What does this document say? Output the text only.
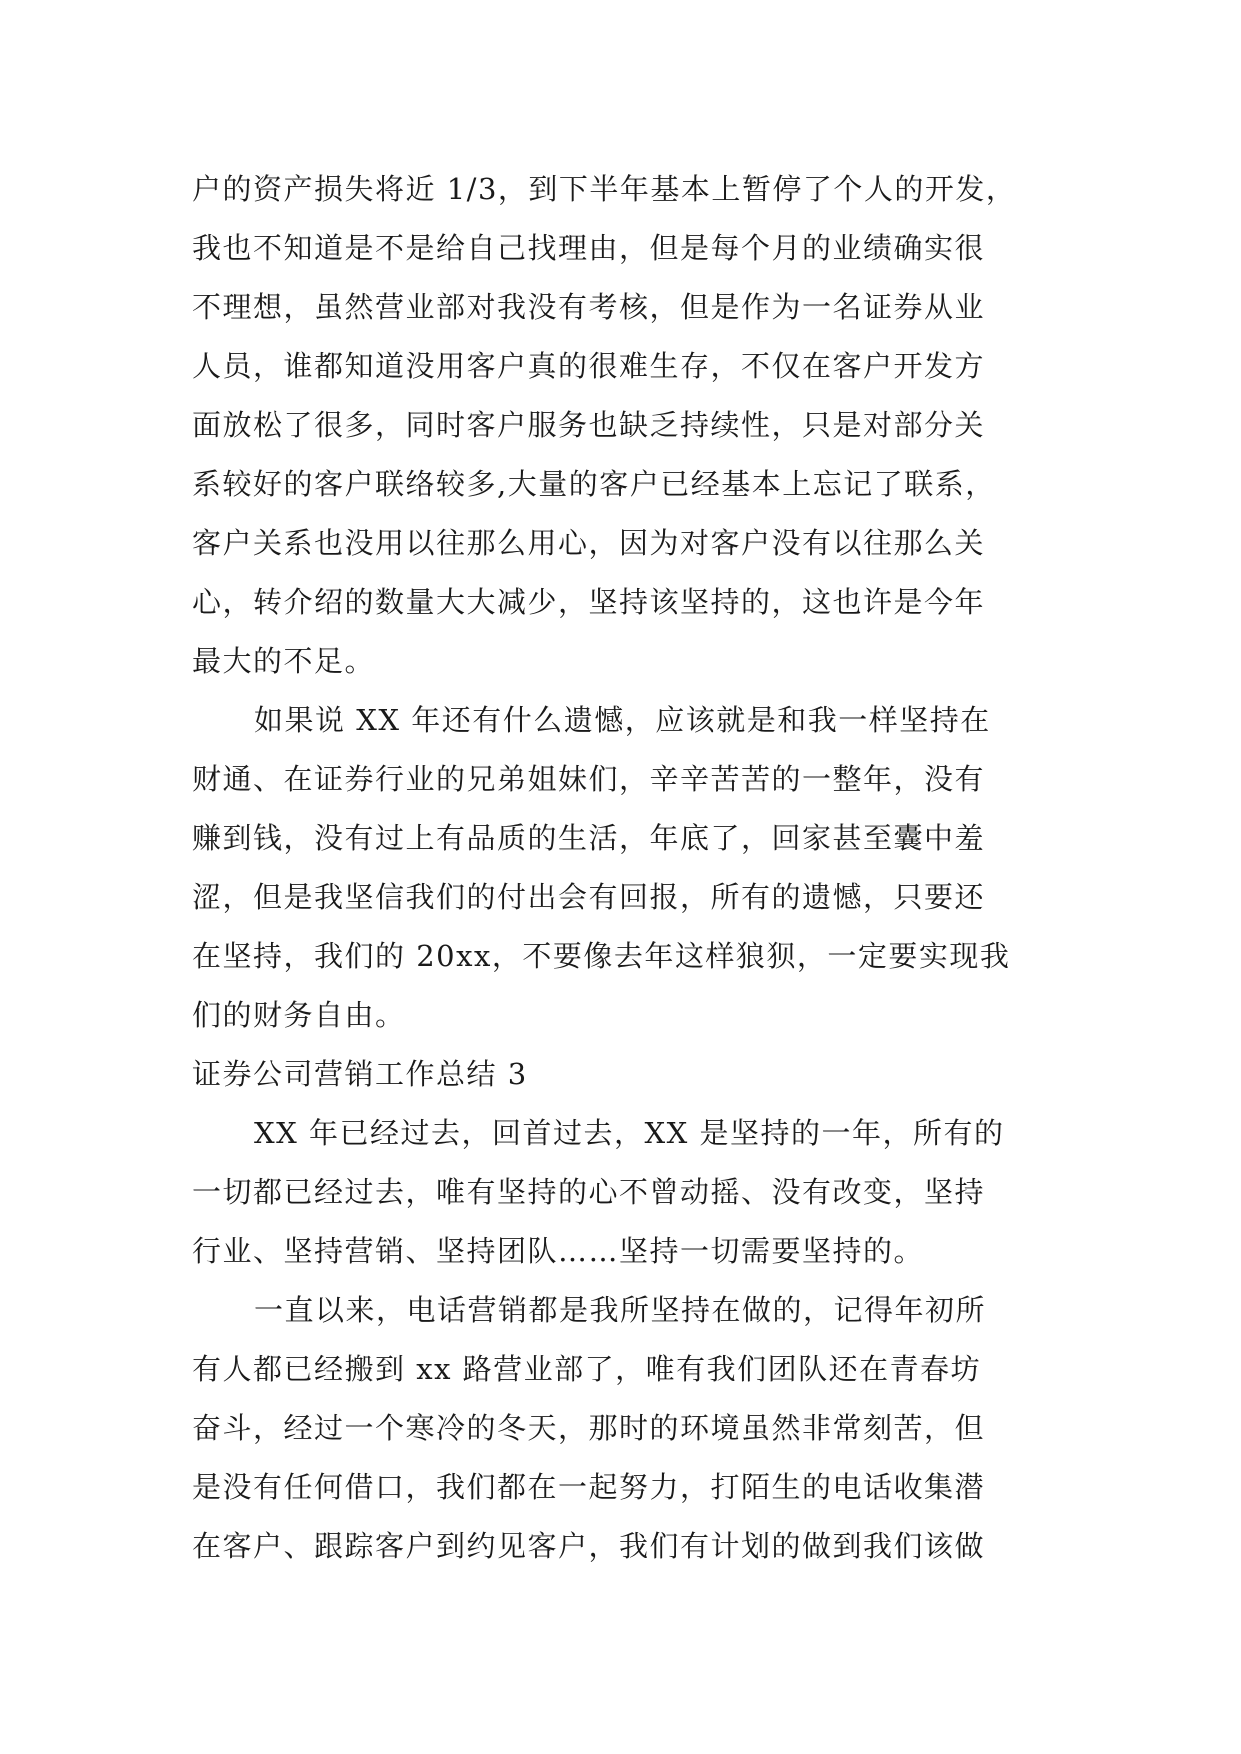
户的资产损失将近 1/3，到下半年基本上暂停了个人的开发，
我也不知道是不是给自己找理由，但是每个月的业绩确实很
不理想，虽然营业部对我没有考核，但是作为一名证券从业
人员，谁都知道没用客户真的很难生存，不仅在客户开发方
面放松了很多，同时客户服务也缺乏持续性，只是对部分关
系较好的客户联络较多,大量的客户已经基本上忘记了联系，
客户关系也没用以往那么用心，因为对客户没有以往那么关
心，转介绍的数量大大减少，坚持该坚持的，这也许是今年
最大的不足。
如果说 XX 年还有什么遗憾，应该就是和我一样坚持在
财通、在证券行业的兄弟姐妹们，辛辛苦苦的一整年，没有
赚到钱，没有过上有品质的生活，年底了，回家甚至囊中羞
涩，但是我坚信我们的付出会有回报，所有的遗憾，只要还
在坚持，我们的 20xx，不要像去年这样狼狈，一定要实现我
们的财务自由。
证券公司营销工作总结 3
XX 年已经过去，回首过去，XX 是坚持的一年，所有的
一切都已经过去，唯有坚持的心不曾动摇、没有改变，坚持
行业、坚持营销、坚持团队……坚持一切需要坚持的。
一直以来，电话营销都是我所坚持在做的，记得年初所
有人都已经搬到 xx 路营业部了，唯有我们团队还在青春坊
奋斗，经过一个寒冷的冬天，那时的环境虽然非常刻苦，但
是没有任何借口，我们都在一起努力，打陌生的电话收集潜
在客户、跟踪客户到约见客户，我们有计划的做到我们该做
